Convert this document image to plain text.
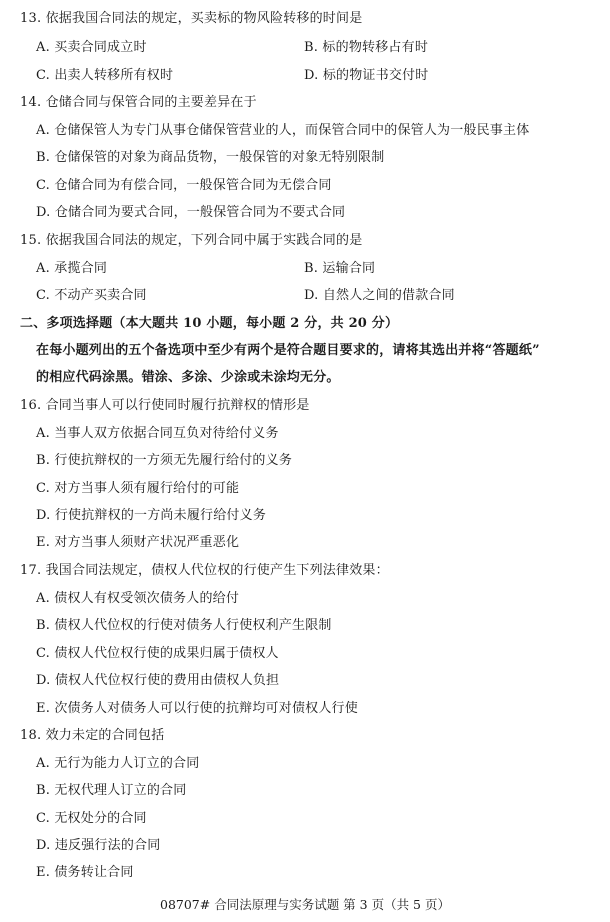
13. 依据我国合同法的规定，买卖标的物风险转移的时间是
A. 买卖合同成立时	B. 标的物转移占有时
C. 出卖人转移所有权时	D. 标的物证书交付时
14. 仓储合同与保管合同的主要差异在于
A. 仓储保管人为专门从事仓储保管营业的人，而保管合同中的保管人为一般民事主体
B. 仓储保管的对象为商品货物，一般保管的对象无特别限制
C. 仓储合同为有偿合同，一般保管合同为无偿合同
D. 仓储合同为要式合同，一般保管合同为不要式合同
15. 依据我国合同法的规定，下列合同中属于实践合同的是
A. 承揽合同	B. 运输合同
C. 不动产买卖合同	D. 自然人之间的借款合同
二、多项选择题（本大题共 10 小题，每小题 2 分，共 20 分）
在每小题列出的五个备选项中至少有两个是符合题目要求的，请将其选出并将“答题纸”
的相应代码涂黑。错涂、多涂、少涂或未涂均无分。
16. 合同当事人可以行使同时履行抗辩权的情形是
A. 当事人双方依据合同互负对待给付义务
B. 行使抗辩权的一方须无先履行给付的义务
C. 对方当事人须有履行给付的可能
D. 行使抗辩权的一方尚未履行给付义务
E. 对方当事人须财产状况严重恶化
17. 我国合同法规定，债权人代位权的行使产生下列法律效果：
A. 债权人有权受领次债务人的给付
B. 债权人代位权的行使对债务人行使权利产生限制
C. 债权人代位权行使的成果归属于债权人
D. 债权人代位权行使的费用由债权人负担
E. 次债务人对债务人可以行使的抗辩均可对债权人行使
18. 效力未定的合同包括
A. 无行为能力人订立的合同
B. 无权代理人订立的合同
C. 无权处分的合同
D. 违反强行法的合同
E. 债务转让合同
08707# 合同法原理与实务试题 第 3 页（共 5 页）
